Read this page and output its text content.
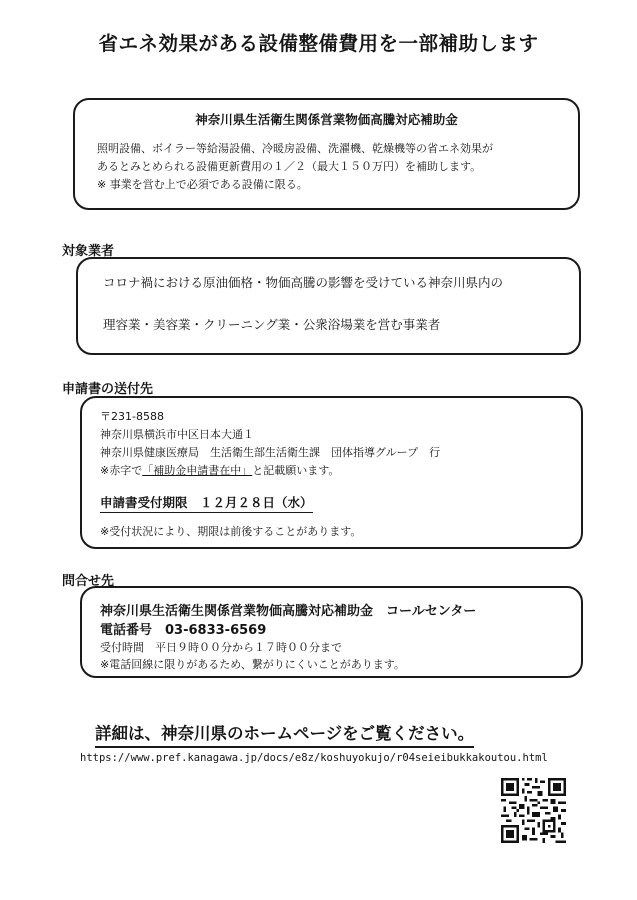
省エネ効果がある設備整備費用を一部補助します
神奈川県生活衛生関係営業物価高騰対応補助金
照明設備、ボイラー等給湯設備、冷暖房設備、洗濯機、乾燥機等の省エネ効果が
あるとみとめられる設備更新費用の１／２（最大１５０万円）を補助します。
※ 事業を営む上で必須である設備に限る。
対象業者
コロナ禍における原油価格・物価高騰の影響を受けている神奈川県内の
理容業・美容業・クリーニング業・公衆浴場業を営む事業者
申請書の送付先
〒231-8588
神奈川県横浜市中区日本大通１
神奈川県健康医療局　生活衛生部生活衛生課　団体指導グループ　行
※赤字で「補助金申請書在中」と記載願います。
申請書受付期限　１２月２８日（水）
※受付状況により、期限は前後することがあります。
問合せ先
神奈川県生活衛生関係営業物価高騰対応補助金　コールセンター
電話番号　03-6833-6569
受付時間　平日９時００分から１７時００分まで
※電話回線に限りがあるため、繋がりにくいことがあります。
詳細は、神奈川県のホームページをご覧ください。
https://www.pref.kanagawa.jp/docs/e8z/koshuyokujo/r04seieibukkakoutou.html
